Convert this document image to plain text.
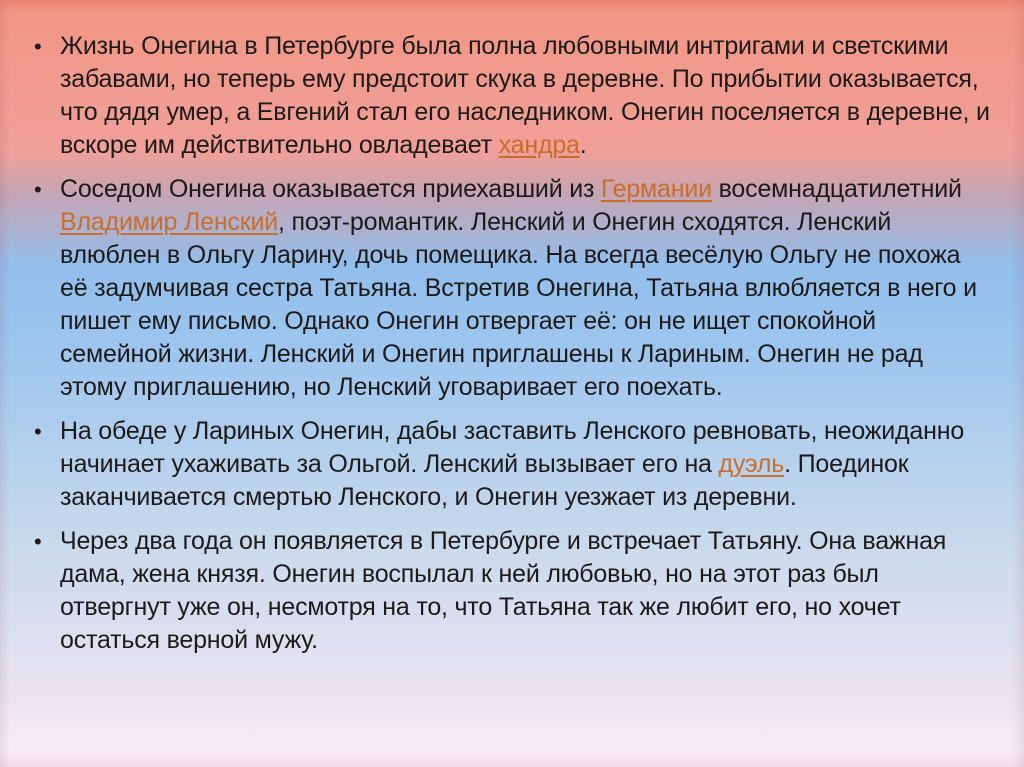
• Жизнь Онегина в Петербурге была полна любовными интригами и светскими забавами, но теперь ему предстоит скука в деревне. По прибытии оказывается, что дядя умер, а Евгений стал его наследником. Онегин поселяется в деревне, и вскоре им действительно овладевает хандра.

• Соседом Онегина оказывается приехавший из Германии восемнадцатилетний Владимир Ленский, поэт-романтик. Ленский и Онегин сходятся. Ленский влюблен в Ольгу Ларину, дочь помещика. На всегда весёлую Ольгу не похожа её задумчивая сестра Татьяна. Встретив Онегина, Татьяна влюбляется в него и пишет ему письмо. Однако Онегин отвергает её: он не ищет спокойной семейной жизни. Ленский и Онегин приглашены к Лариным. Онегин не рад этому приглашению, но Ленский уговаривает его поехать.

• На обеде у Лариных Онегин, дабы заставить Ленского ревновать, неожиданно начинает ухаживать за Ольгой. Ленский вызывает его на дуэль. Поединок заканчивается смертью Ленского, и Онегин уезжает из деревни.

• Через два года он появляется в Петербурге и встречает Татьяну. Она важная дама, жена князя. Онегин воспылал к ней любовью, но на этот раз был отвергнут уже он, несмотря на то, что Татьяна так же любит его, но хочет остаться верной мужу.
